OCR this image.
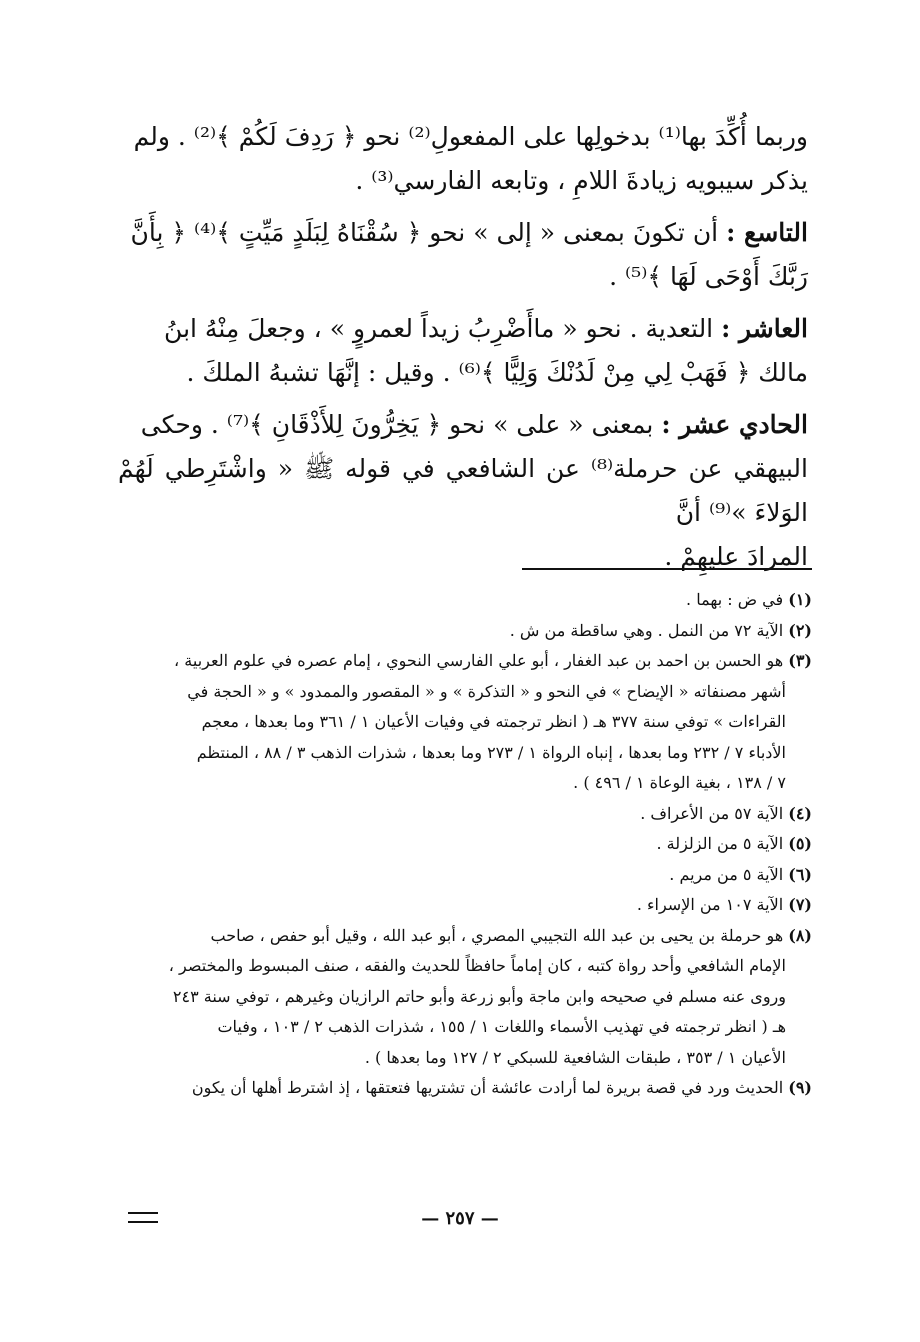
وربما أُكِّدَ بها⁽¹⁾ بدخولِها على المفعولِ⁽²⁾ نحو ﴿ رَدِفَ لَكُمْ ﴾⁽²⁾ . ولم
يذكر سيبويه زيادةَ اللامِ ، وتابعه الفارسي⁽³⁾ .

التاسع : أن تكونَ بمعنى « إلى » نحو ﴿ سُقْنَاهُ لِبَلَدٍ مَيِّتٍ ﴾⁽⁴⁾ ﴿ بِأَنَّ
رَبَّكَ أَوْحَى لَهَا ﴾⁽⁵⁾ .

العاشر : التعدية . نحو « ماأَضْرِبُ زيداً لعمروٍ » ، وجعلَ مِنْهُ ابنُ
مالك ﴿ فَهَبْ لِي مِنْ لَدُنْكَ وَلِيًّا ﴾⁽⁶⁾ . وقيل : إنَّهَا تشبهُ الملكَ .

الحادي عشر : بمعنى « على » نحو ﴿ يَخِرُّونَ لِلأَذْقَانِ ﴾⁽⁷⁾ . وحكى
البيهقي عن حرملة⁽⁸⁾ عن الشافعي في قوله ﷺ « واشْتَرِطي لَهُمْ الوَلاءَ »⁽⁹⁾ أنَّ
المرادَ عليهِمْ .

(١) في ض : بهما .
(٢) الآية ٧٢ من النمل . وهي ساقطة من ش .
(٣) هو الحسن بن احمد بن عبد الغفار ، أبو علي الفارسي النحوي ، إمام عصره في علوم العربية ،
أشهر مصنفاته « الإيضاح » في النحو و « التذكرة » و « المقصور والممدود » و « الحجة في
القراءات » توفي سنة ٣٧٧ هـ ( انظر ترجمته في وفيات الأعيان ١ / ٣٦١ وما بعدها ، معجم
الأدباء ٧ / ٢٣٢ وما بعدها ، إنباه الرواة ١ / ٢٧٣ وما بعدها ، شذرات الذهب ٣ / ٨٨ ، المنتظم
٧ / ١٣٨ ، بغية الوعاة ١ / ٤٩٦ ) .
(٤) الآية ٥٧ من الأعراف .
(٥) الآية ٥ من الزلزلة .
(٦) الآية ٥ من مريم .
(٧) الآية ١٠٧ من الإسراء .
(٨) هو حرملة بن يحيى بن عبد الله التجيبي المصري ، أبو عبد الله ، وقيل أبو حفص ، صاحب
الإمام الشافعي وأحد رواة كتبه ، كان إماماً حافظاً للحديث والفقه ، صنف المبسوط والمختصر ،
وروى عنه مسلم في صحيحه وابن ماجة وأبو زرعة وأبو حاتم الرازيان وغيرهم ، توفي سنة ٢٤٣
هـ ( انظر ترجمته في تهذيب الأسماء واللغات ١ / ١٥٥ ، شذرات الذهب ٢ / ١٠٣ ، وفيات
الأعيان ١ / ٣٥٣ ، طبقات الشافعية للسبكي ٢ / ١٢٧ وما بعدها ) .
(٩) الحديث ورد في قصة بريرة لما أرادت عائشة أن تشتريها فتعتقها ، إذ اشترط أهلها أن يكون
— ٢٥٧ —
